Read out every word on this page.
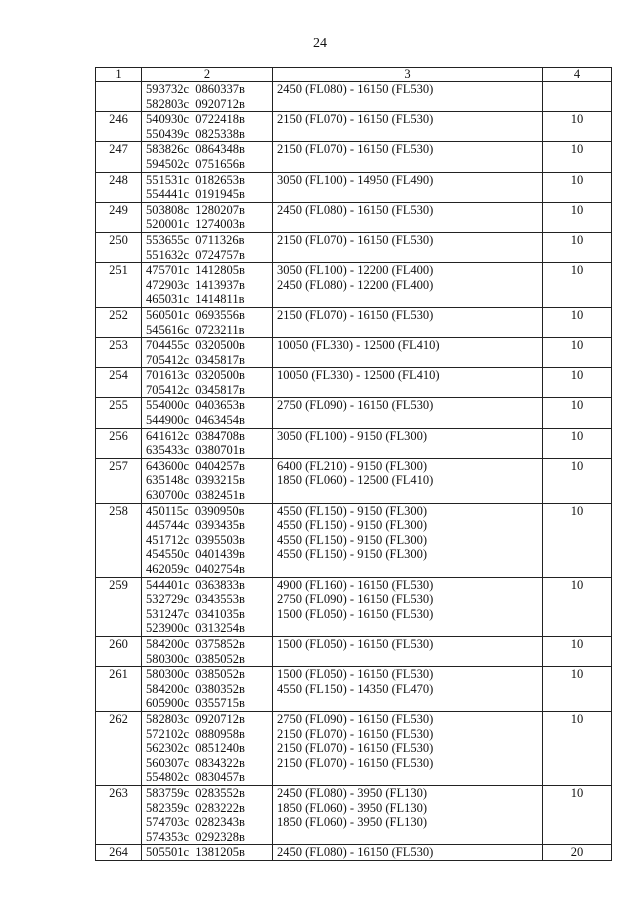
24
1	2	3	4

	593732с  0860337в
582803с  0920712в	2450 (FL080) - 16150 (FL530)	

246	540930с  0722418в
550439с  0825338в	2150 (FL070) - 16150 (FL530)	10
247	583826с  0864348в
594502с  0751656в	2150 (FL070) - 16150 (FL530)	10
248	551531с  0182653в
554441с  0191945в	3050 (FL100) - 14950 (FL490)	10
249	503808с  1280207в
520001с  1274003в	2450 (FL080) - 16150 (FL530)	10
250	553655с  0711326в
551632с  0724757в	2150 (FL070) - 16150 (FL530)	10
251	475701с  1412805в
472903с  1413937в
465031с  1414811в	3050 (FL100) - 12200 (FL400)
2450 (FL080) - 12200 (FL400)	10
252	560501с  0693556в
545616с  0723211в	2150 (FL070) - 16150 (FL530)	10
253	704455с  0320500в
705412с  0345817в	10050 (FL330) - 12500 (FL410)	10
254	701613с  0320500в
705412с  0345817в	10050 (FL330) - 12500 (FL410)	10
255	554000с  0403653в
544900с  0463454в	2750 (FL090) - 16150 (FL530)	10
256	641612с  0384708в
635433с  0380701в	3050 (FL100) - 9150 (FL300)	10
257	643600с  0404257в
635148с  0393215в
630700с  0382451в	6400 (FL210) - 9150 (FL300)
1850 (FL060) - 12500 (FL410)	10
258	450115с  0390950в
445744с  0393435в
451712с  0395503в
454550с  0401439в
462059с  0402754в	4550 (FL150) - 9150 (FL300)
4550 (FL150) - 9150 (FL300)
4550 (FL150) - 9150 (FL300)
4550 (FL150) - 9150 (FL300)	10
259	544401с  0363833в
532729с  0343553в
531247с  0341035в
523900с  0313254в	4900 (FL160) - 16150 (FL530)
2750 (FL090) - 16150 (FL530)
1500 (FL050) - 16150 (FL530)	10
260	584200с  0375852в
580300с  0385052в	1500 (FL050) - 16150 (FL530)	10
261	580300с  0385052в
584200с  0380352в
605900с  0355715в	1500 (FL050) - 16150 (FL530)
4550 (FL150) - 14350 (FL470)	10
262	582803с  0920712в
572102с  0880958в
562302с  0851240в
560307с  0834322в
554802с  0830457в	2750 (FL090) - 16150 (FL530)
2150 (FL070) - 16150 (FL530)
2150 (FL070) - 16150 (FL530)
2150 (FL070) - 16150 (FL530)	10
263	583759с  0283552в
582359с  0283222в
574703с  0282343в
574353с  0292328в	2450 (FL080) - 3950 (FL130)
1850 (FL060) - 3950 (FL130)
1850 (FL060) - 3950 (FL130)	10
264	505501с  1381205в	2450 (FL080) - 16150 (FL530)	20
